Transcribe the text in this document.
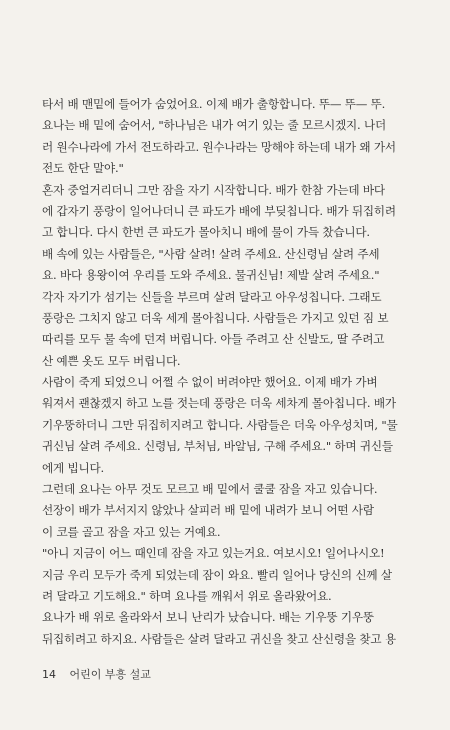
타서 배 맨밑에 들어가 숨었어요. 이제 배가 출항합니다. 뚜— 뚜— 뚜.
요나는 배 밑에 숨어서, "하나님은 내가 여기 있는 줄 모르시겠지. 나더
러 원수나라에 가서 전도하라고. 원수나라는 망해야 하는데 내가 왜 가서
전도 한단 말야."
혼자 중얼거리더니 그만 잠을 자기 시작합니다. 배가 한참 가는데 바다
에 갑자기 풍랑이 일어나더니 큰 파도가 배에 부딪칩니다. 배가 뒤집히려
고 합니다. 다시 한번 큰 파도가 몰아치니 배에 물이 가득 찼습니다.
배 속에 있는 사람들은, "사람 살려! 살려 주세요. 산신령님 살려 주세
요. 바다 용왕이여 우리를 도와 주세요. 물귀신님! 제발 살려 주세요."
각자 자기가 섬기는 신들을 부르며 살려 달라고 아우성칩니다. 그래도
풍랑은 그치지 않고 더욱 세게 몰아칩니다. 사람들은 가지고 있던 짐 보
따리를 모두 물 속에 던져 버립니다. 아들 주려고 산 신발도, 딸 주려고
산 예쁜 옷도 모두 버립니다.
사람이 죽게 되었으니 어쩔 수 없이 버려야만 했어요. 이제 배가 가벼
워져서 괜찮겠지 하고 노를 젓는데 풍랑은 더욱 세차게 몰아칩니다. 배가
기우뚱하더니 그만 뒤집히지려고 합니다. 사람들은 더욱 아우성치며, "물
귀신님 살려 주세요. 신령님, 부처님, 바알님, 구해 주세요." 하며 귀신들
에게 빕니다.
그런데 요나는 아무 것도 모르고 배 밑에서 쿨쿨 잠을 자고 있습니다.
선장이 배가 부서지지 않았나 살피러 배 밑에 내려가 보니 어떤 사람
이 코를 골고 잠을 자고 있는 거예요.
"아니 지금이 어느 때인데 잠을 자고 있는거요. 여보시오! 일어나시오!
지금 우리 모두가 죽게 되었는데 잠이 와요. 빨리 일어나 당신의 신께 살
려 달라고 기도해요." 하며 요나를 깨워서 위로 올라왔어요.
요나가 배 위로 올라와서 보니 난리가 났습니다. 배는 기우뚱 기우뚱
뒤집히려고 하지요. 사람들은 살려 달라고 귀신을 찾고 산신령을 찾고 용
14 어린이 부흥 설교
